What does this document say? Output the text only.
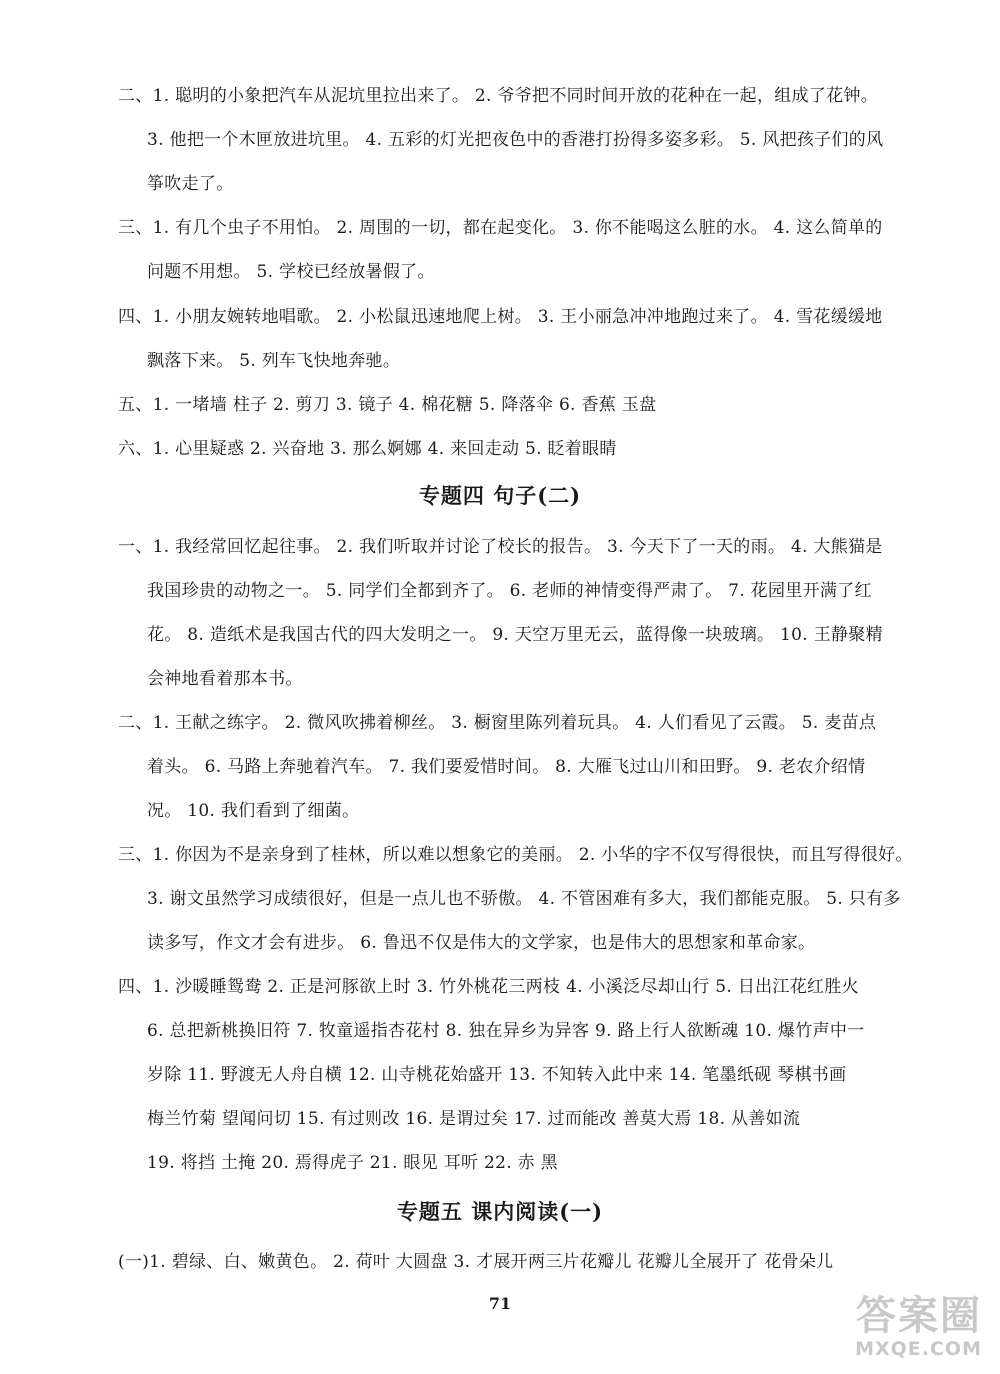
二、1. 聪明的小象把汽车从泥坑里拉出来了。 2. 爷爷把不同时间开放的花种在一起，组成了花钟。
3. 他把一个木匣放进坑里。 4. 五彩的灯光把夜色中的香港打扮得多姿多彩。 5. 风把孩子们的风
筝吹走了。
三、1. 有几个虫子不用怕。 2. 周围的一切，都在起变化。 3. 你不能喝这么脏的水。 4. 这么简单的
问题不用想。 5. 学校已经放暑假了。
四、1. 小朋友婉转地唱歌。 2. 小松鼠迅速地爬上树。 3. 王小丽急冲冲地跑过来了。 4. 雪花缓缓地
飘落下来。 5. 列车飞快地奔驰。
五、1. 一堵墙 柱子 2. 剪刀 3. 镜子 4. 棉花糖 5. 降落伞 6. 香蕉 玉盘
六、1. 心里疑惑 2. 兴奋地 3. 那么婀娜 4. 来回走动 5. 眨着眼睛
专题四 句子(二)
一、1. 我经常回忆起往事。 2. 我们听取并讨论了校长的报告。 3. 今天下了一天的雨。 4. 大熊猫是
我国珍贵的动物之一。 5. 同学们全都到齐了。 6. 老师的神情变得严肃了。 7. 花园里开满了红
花。 8. 造纸术是我国古代的四大发明之一。 9. 天空万里无云，蓝得像一块玻璃。 10. 王静聚精
会神地看着那本书。
二、1. 王献之练字。 2. 微风吹拂着柳丝。 3. 橱窗里陈列着玩具。 4. 人们看见了云霞。 5. 麦苗点
着头。 6. 马路上奔驰着汽车。 7. 我们要爱惜时间。 8. 大雁飞过山川和田野。 9. 老农介绍情
况。 10. 我们看到了细菌。
三、1. 你因为不是亲身到了桂林，所以难以想象它的美丽。 2. 小华的字不仅写得很快，而且写得很好。
3. 谢文虽然学习成绩很好，但是一点儿也不骄傲。 4. 不管困难有多大，我们都能克服。 5. 只有多
读多写，作文才会有进步。 6. 鲁迅不仅是伟大的文学家，也是伟大的思想家和革命家。
四、1. 沙暖睡鸳鸯 2. 正是河豚欲上时 3. 竹外桃花三两枝 4. 小溪泛尽却山行 5. 日出江花红胜火
6. 总把新桃换旧符 7. 牧童遥指杏花村 8. 独在异乡为异客 9. 路上行人欲断魂 10. 爆竹声中一
岁除 11. 野渡无人舟自横 12. 山寺桃花始盛开 13. 不知转入此中来 14. 笔墨纸砚 琴棋书画
梅兰竹菊 望闻问切 15. 有过则改 16. 是谓过矣 17. 过而能改 善莫大焉 18. 从善如流
19. 将挡 土掩 20. 焉得虎子 21. 眼见 耳听 22. 赤 黑
专题五 课内阅读(一)
(一)1. 碧绿、白、嫩黄色。 2. 荷叶 大圆盘 3. 才展开两三片花瓣儿 花瓣儿全展开了 花骨朵儿
71	答案圈
MXQE.COM
